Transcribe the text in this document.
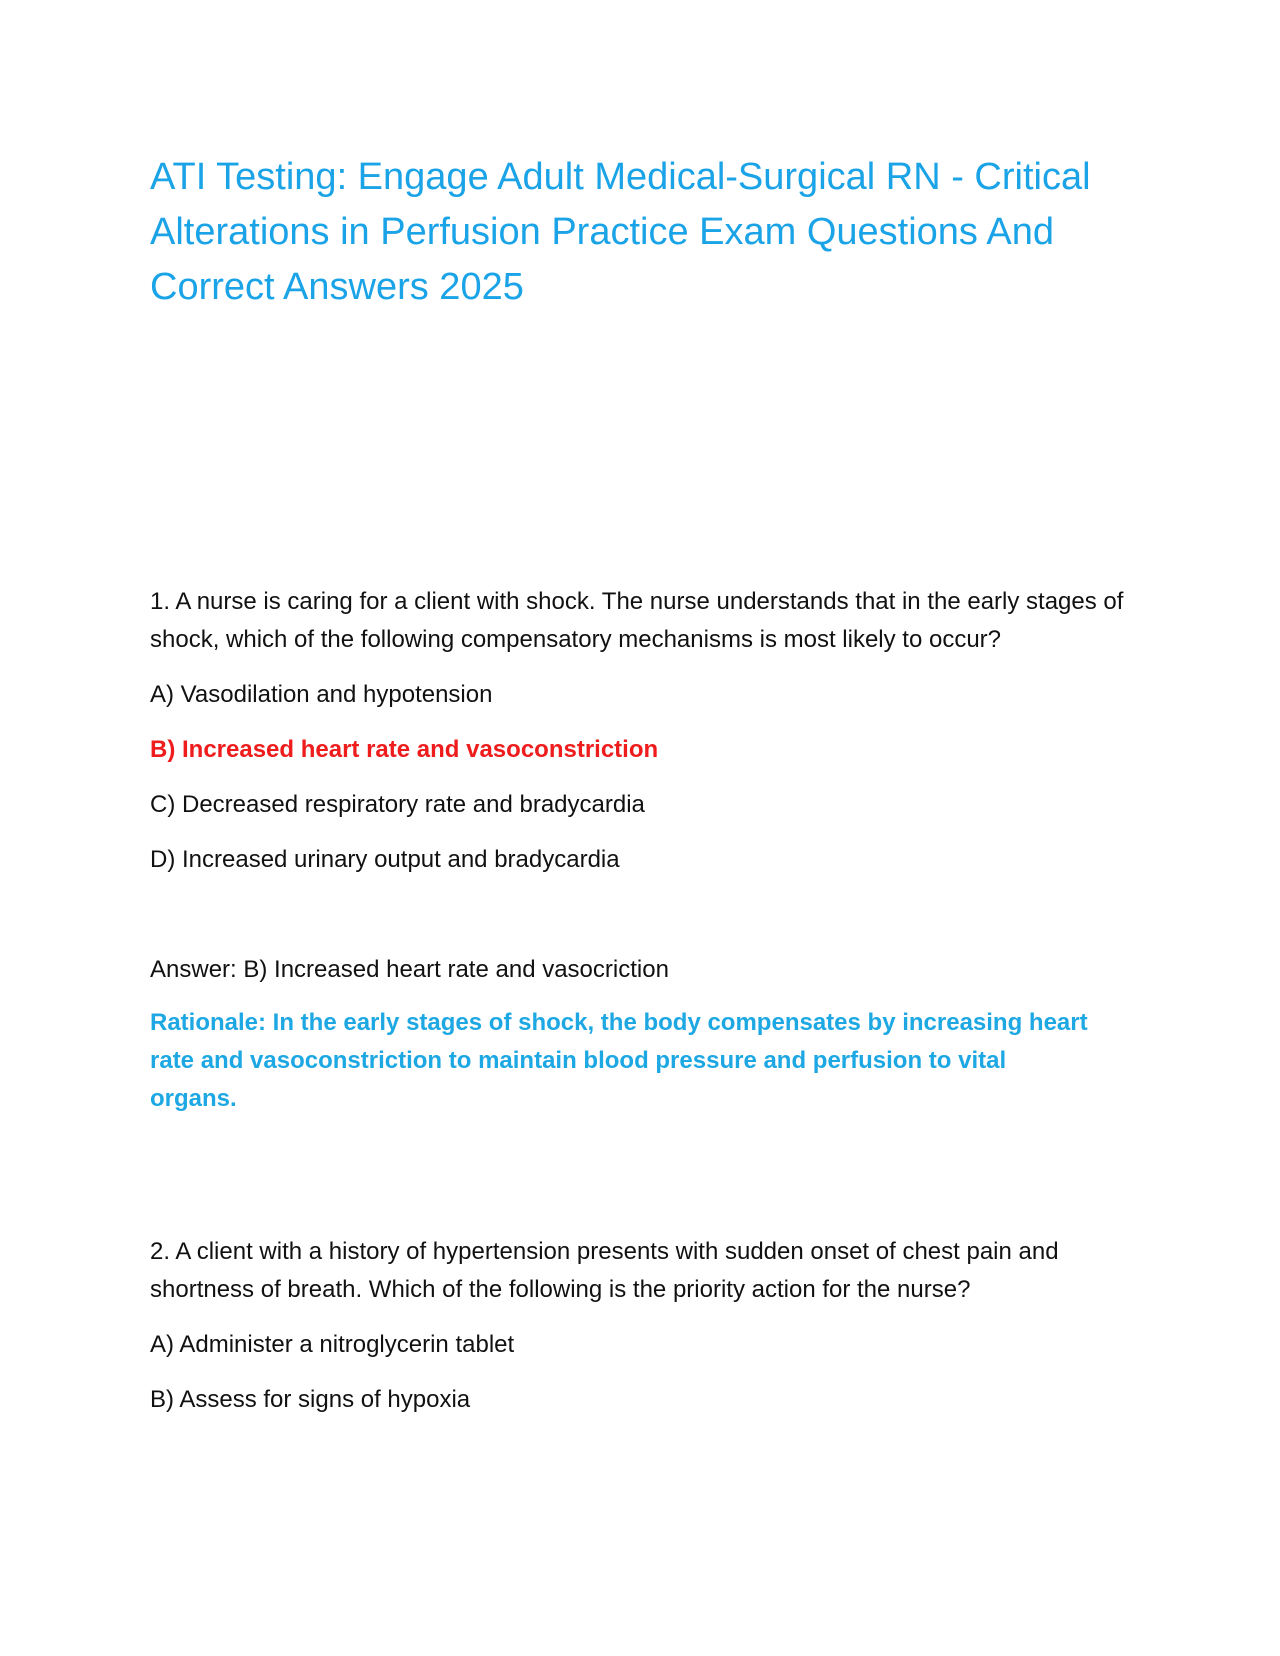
ATI Testing: Engage Adult Medical-Surgical RN - Critical Alterations in Perfusion Practice Exam Questions And Correct Answers 2025

1. A nurse is caring for a client with shock. The nurse understands that in the early stages of shock, which of the following compensatory mechanisms is most likely to occur?

A) Vasodilation and hypotension

B) Increased heart rate and vasoconstriction

C) Decreased respiratory rate and bradycardia

D) Increased urinary output and bradycardia

Answer: B) Increased heart rate and vasocriction

Rationale: In the early stages of shock, the body compensates by increasing heart rate and vasoconstriction to maintain blood pressure and perfusion to vital organs.

2. A client with a history of hypertension presents with sudden onset of chest pain and shortness of breath. Which of the following is the priority action for the nurse?

A) Administer a nitroglycerin tablet

B) Assess for signs of hypoxia
